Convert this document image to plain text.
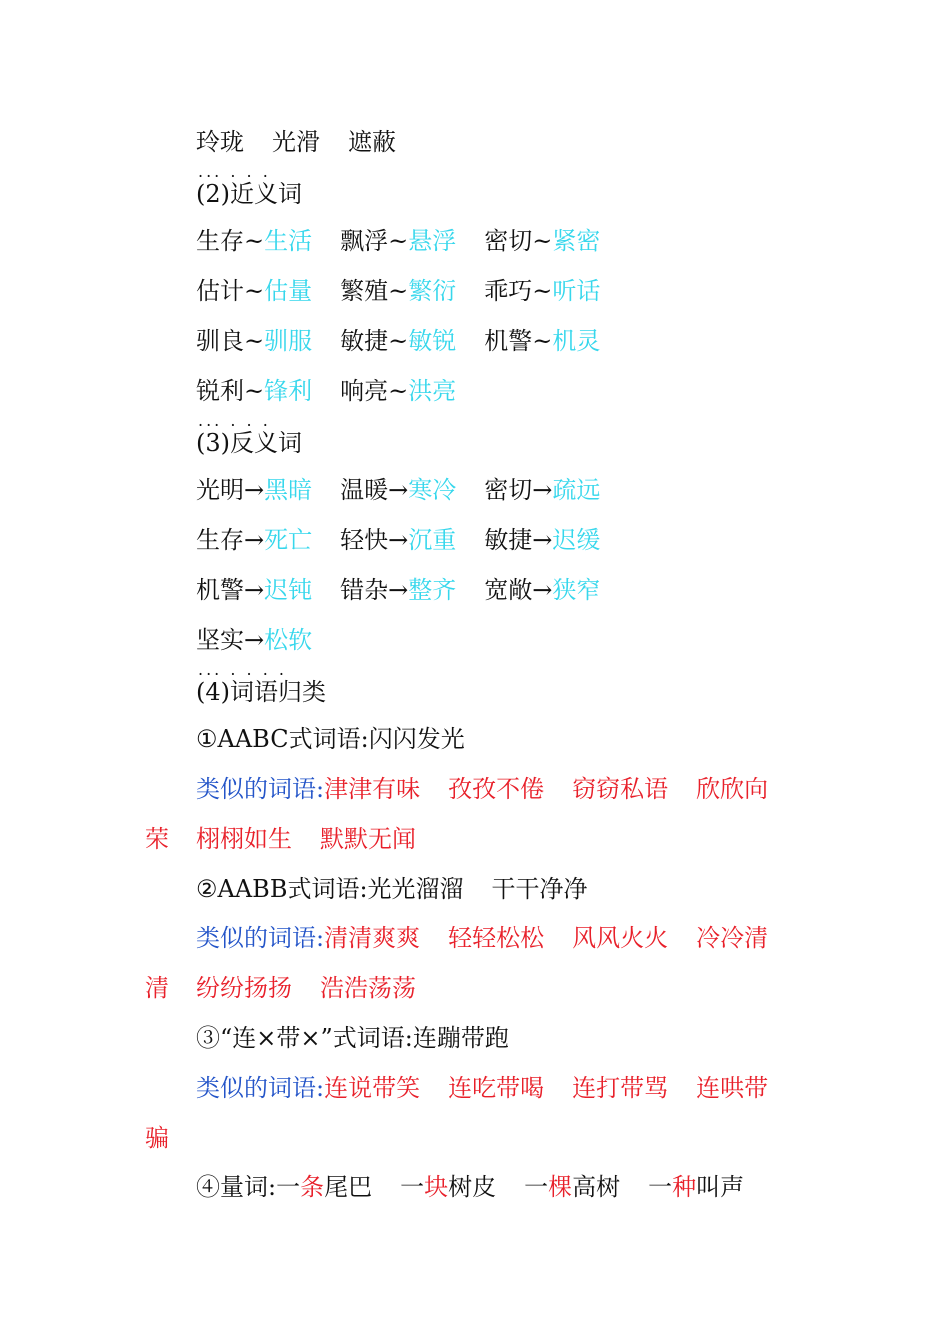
玲珑 光滑 遮蔽
... . . .
(2)近义词
生存~生活 飘浮~悬浮 密切~紧密
估计~估量 繁殖~繁衍 乖巧~听话
驯良~驯服 敏捷~敏锐 机警~机灵
锐利~锋利 响亮~洪亮
... . . .
(3)反义词
光明→黑暗 温暖→寒冷 密切→疏远
生存→死亡 轻快→沉重 敏捷→迟缓
机警→迟钝 错杂→整齐 宽敞→狭窄
坚实→松软
... . . . .
(4)词语归类
①AABC式词语:闪闪发光
类似的词语:津津有味 孜孜不倦 窃窃私语 欣欣向
荣 栩栩如生 默默无闻
②AABB式词语:光光溜溜 干干净净
类似的词语:清清爽爽 轻轻松松 风风火火 冷冷清
清 纷纷扬扬 浩浩荡荡
③“连×带×”式词语:连蹦带跑
类似的词语:连说带笑 连吃带喝 连打带骂 连哄带
骗
④量词:一条尾巴 一块树皮 一棵高树 一种叫声
